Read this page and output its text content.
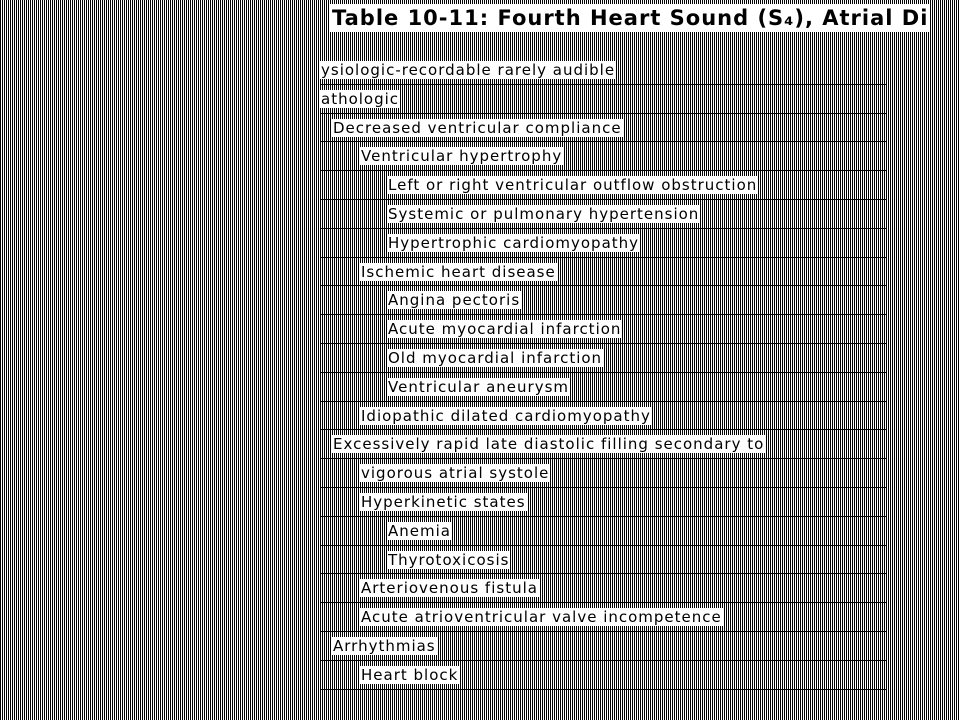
Table 10-11: Fourth Heart Sound (S₄), Atrial Di
ysiologic-recordable rarely audible
athologic
Decreased ventricular compliance
Ventricular hypertrophy
Left or right ventricular outflow obstruction
Systemic or pulmonary hypertension
Hypertrophic cardiomyopathy
Ischemic heart disease
Angina pectoris
Acute myocardial infarction
Old myocardial infarction
Ventricular aneurysm
Idiopathic dilated cardiomyopathy
Excessively rapid late diastolic filling secondary to
vigorous atrial systole
Hyperkinetic states
Anemia
Thyrotoxicosis
Arteriovenous fistula
Acute atrioventricular valve incompetence
Arrhythmias
Heart block
